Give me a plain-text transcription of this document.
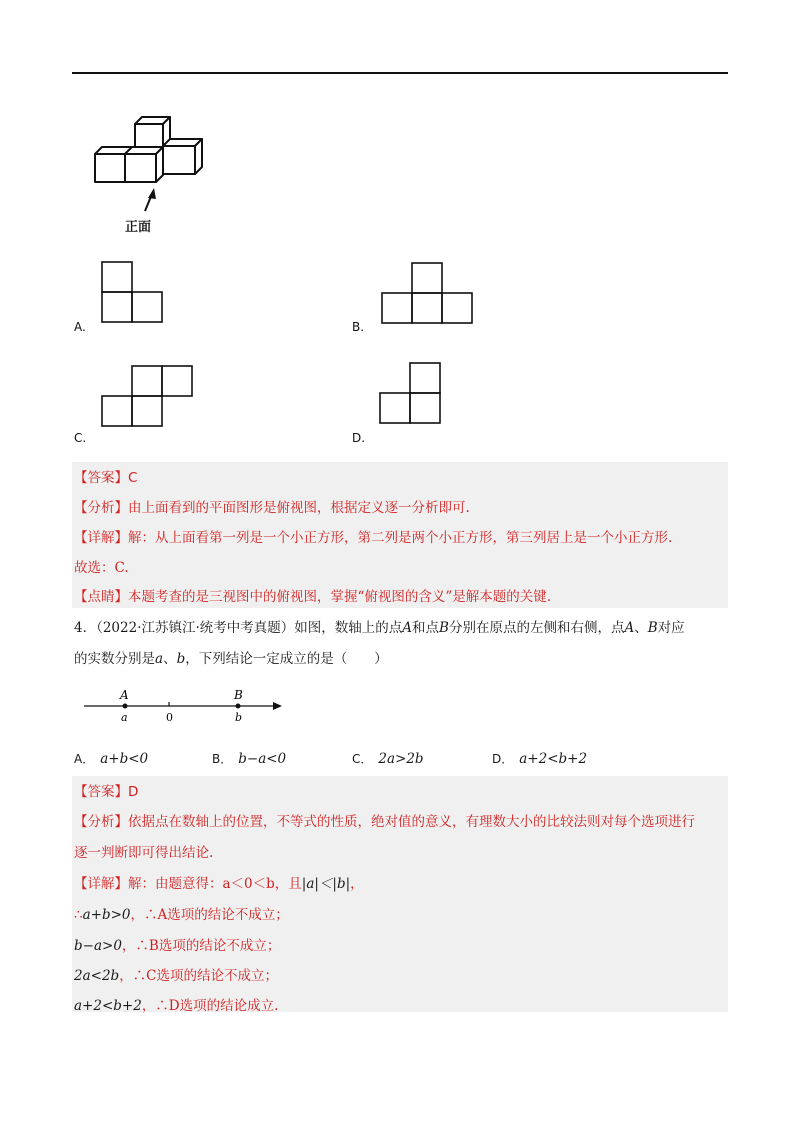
正面
A.	B.
C.	D.
【答案】C
【分析】由上面看到的平面图形是俯视图，根据定义逐一分析即可.
【详解】解：从上面看第一列是一个小正方形，第二列是两个小正方形，第三列居上是一个小正方形.
故选：C.
【点睛】本题考查的是三视图中的俯视图，掌握“俯视图的含义”是解本题的关键.
4．（2022·江苏镇江·统考中考真题）如图，数轴上的点A和点B分别在原点的左侧和右侧，点A、B对应
的实数分别是a、b，下列结论一定成立的是（　　）
A	B
a	0	b
A． a+b<0	B． b−a<0	C． 2a>2b	D． a+2<b+2
【答案】D
【分析】依据点在数轴上的位置，不等式的性质，绝对值的意义，有理数大小的比较法则对每个选项进行
逐一判断即可得出结论.
【详解】解：由题意得：a＜0＜b，且|a|＜|b|，
∴a+b>0，∴A选项的结论不成立；
b−a>0，∴B选项的结论不成立；
2a<2b，∴C选项的结论不成立；
a+2<b+2，∴D选项的结论成立.
